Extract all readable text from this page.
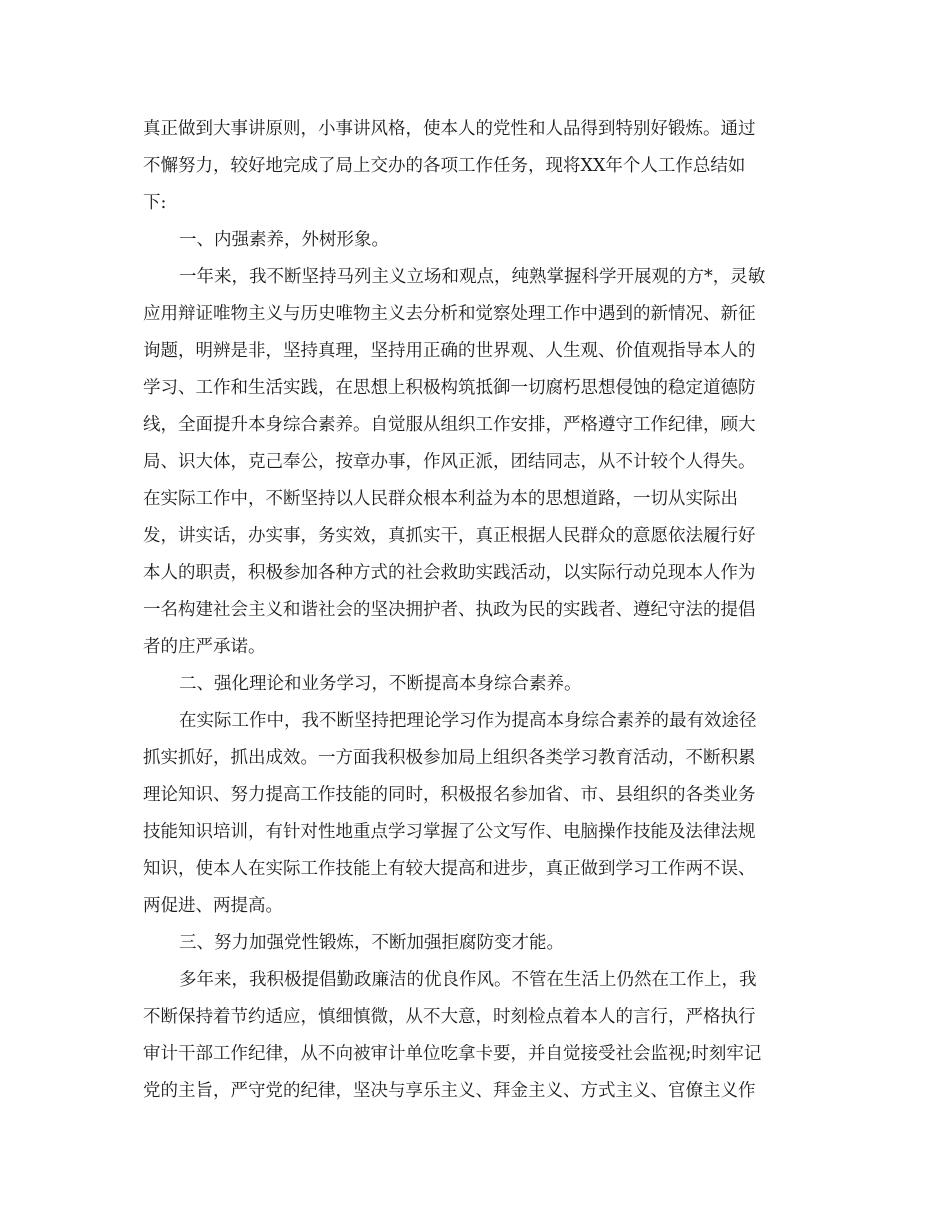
真正做到大事讲原则，小事讲风格，使本人的党性和人品得到特别好锻炼。通过
不懈努力，较好地完成了局上交办的各项工作任务，现将XX年个人工作总结如
下:
一、内强素养，外树形象。
一年来，我不断坚持马列主义立场和观点，纯熟掌握科学开展观的方*，灵敏
应用辩证唯物主义与历史唯物主义去分析和觉察处理工作中遇到的新情况、新征
询题，明辨是非，坚持真理，坚持用正确的世界观、人生观、价值观指导本人的
学习、工作和生活实践，在思想上积极构筑抵御一切腐朽思想侵蚀的稳定道德防
线，全面提升本身综合素养。自觉服从组织工作安排，严格遵守工作纪律，顾大
局、识大体，克己奉公，按章办事，作风正派，团结同志，从不计较个人得失。
在实际工作中，不断坚持以人民群众根本利益为本的思想道路，一切从实际出
发，讲实话，办实事，务实效，真抓实干，真正根据人民群众的意愿依法履行好
本人的职责，积极参加各种方式的社会救助实践活动，以实际行动兑现本人作为
一名构建社会主义和谐社会的坚决拥护者、执政为民的实践者、遵纪守法的提倡
者的庄严承诺。
二、强化理论和业务学习，不断提高本身综合素养。
在实际工作中，我不断坚持把理论学习作为提高本身综合素养的最有效途径
抓实抓好，抓出成效。一方面我积极参加局上组织各类学习教育活动，不断积累
理论知识、努力提高工作技能的同时，积极报名参加省、市、县组织的各类业务
技能知识培训，有针对性地重点学习掌握了公文写作、电脑操作技能及法律法规
知识，使本人在实际工作技能上有较大提高和进步，真正做到学习工作两不误、
两促进、两提高。
三、努力加强党性锻炼，不断加强拒腐防变才能。
多年来，我积极提倡勤政廉洁的优良作风。不管在生活上仍然在工作上，我
不断保持着节约适应，慎细慎微，从不大意，时刻检点着本人的言行，严格执行
审计干部工作纪律，从不向被审计单位吃拿卡要，并自觉接受社会监视;时刻牢记
党的主旨，严守党的纪律，坚决与享乐主义、拜金主义、方式主义、官僚主义作
